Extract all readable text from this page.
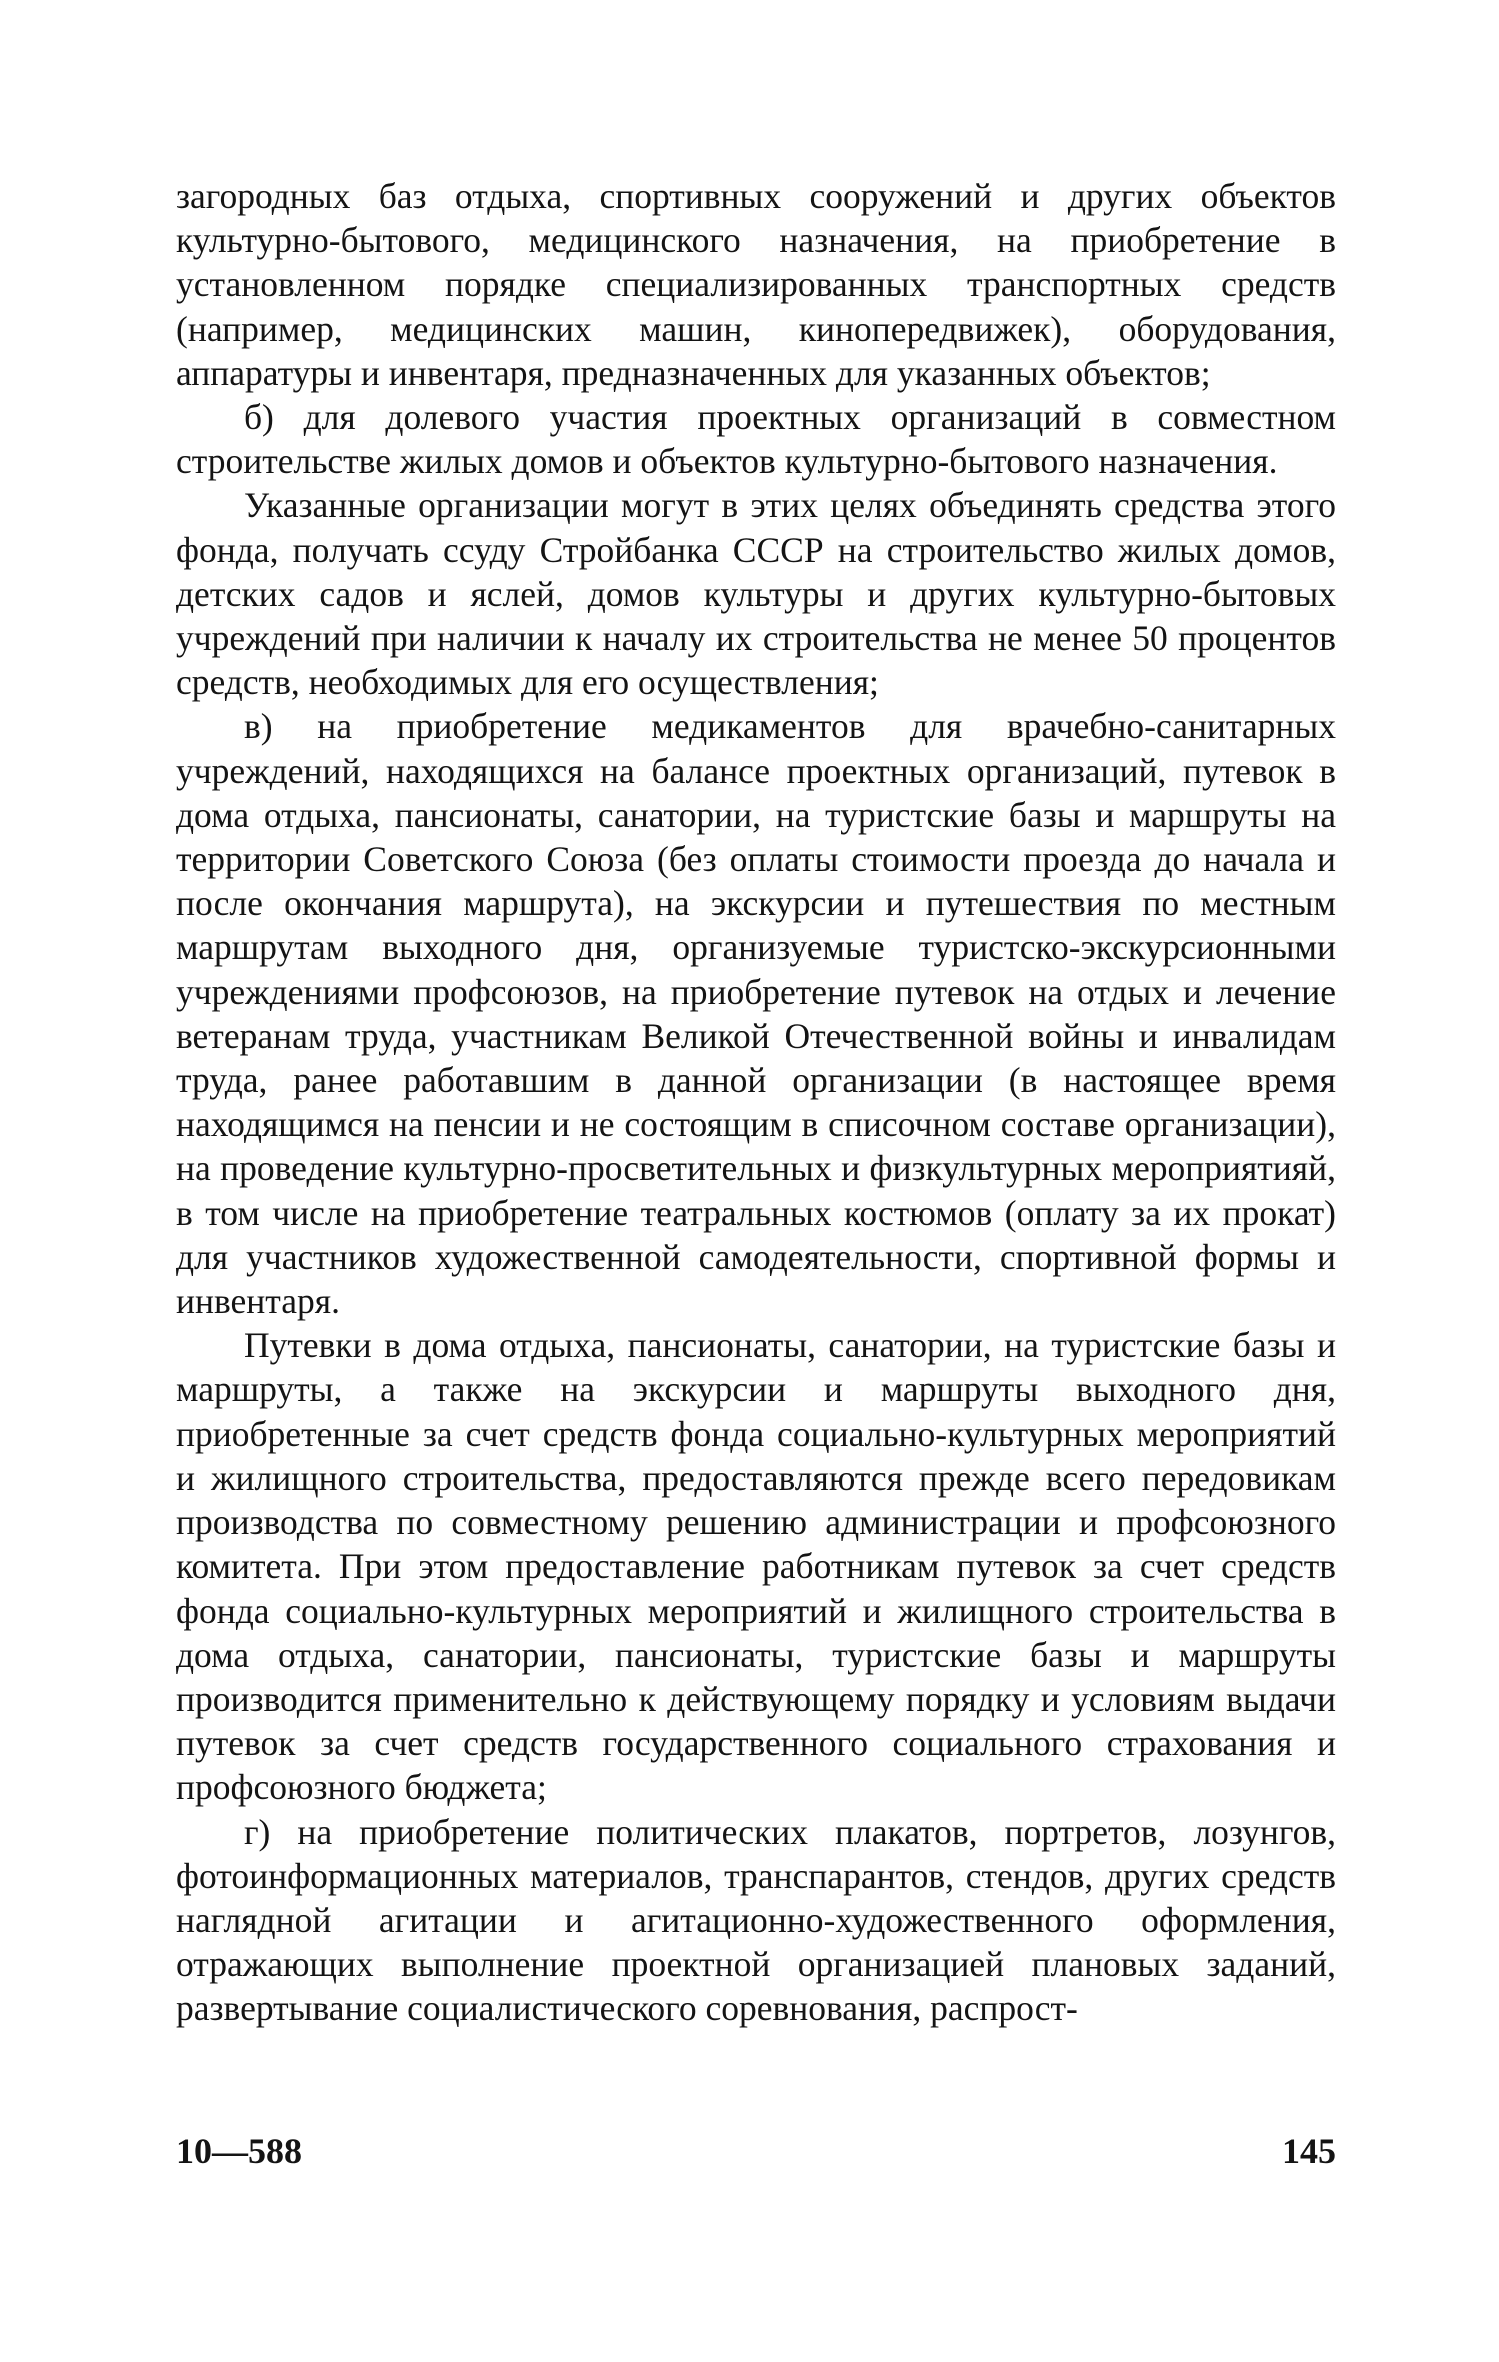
загородных баз отдыха, спортивных сооружений и других объектов культурно-бытового, медицинского назначения, на приобретение в установленном порядке специализированных транспортных средств (например, медицинских машин, кинопередвижек), оборудования, аппаратуры и инвентаря, предназначенных для указанных объектов;

б) для долевого участия проектных организаций в совместном строительстве жилых домов и объектов культурно-бытового назначения.

Указанные организации могут в этих целях объединять средства этого фонда, получать ссуду Стройбанка СССР на строительство жилых домов, детских садов и яслей, домов культуры и других культурно-бытовых учреждений при наличии к началу их строительства не менее 50 процентов средств, необходимых для его осуществления;

в) на приобретение медикаментов для врачебно-санитарных учреждений, находящихся на балансе проектных организаций, путевок в дома отдыха, пансионаты, санатории, на туристские базы и маршруты на территории Советского Союза (без оплаты стоимости проезда до начала и после окончания маршрута), на экскурсии и путешествия по местным маршрутам выходного дня, организуемые туристско-экскурсионными учреждениями профсоюзов, на приобретение путевок на отдых и лечение ветеранам труда, участникам Великой Отечественной войны и инвалидам труда, ранее работавшим в данной организации (в настоящее время находящимся на пенсии и не состоящим в списочном составе организации), на проведение культурно-просветительных и физкультурных мероприятияй, в том числе на приобретение театральных костюмов (оплату за их прокат) для участников художественной самодеятельности, спортивной формы и инвентаря.

Путевки в дома отдыха, пансионаты, санатории, на туристские базы и маршруты, а также на экскурсии и маршруты выходного дня, приобретенные за счет средств фонда социально-культурных мероприятий и жилищного строительства, предоставляются прежде всего передовикам производства по совместному решению администрации и профсоюзного комитета. При этом предоставление работникам путевок за счет средств фонда социально-культурных мероприятий и жилищного строительства в дома отдыха, санатории, пансионаты, туристские базы и маршруты производится применительно к действующему порядку и условиям выдачи путевок за счет средств государственного социального страхования и профсоюзного бюджета;

г) на приобретение политических плакатов, портретов, лозунгов, фотоинформационных материалов, транспарантов, стендов, других средств наглядной агитации и агитационно-художественного оформления, отражающих выполнение проектной организацией плановых заданий, развертывание социалистического соревнования, распрост-

10—588	145
